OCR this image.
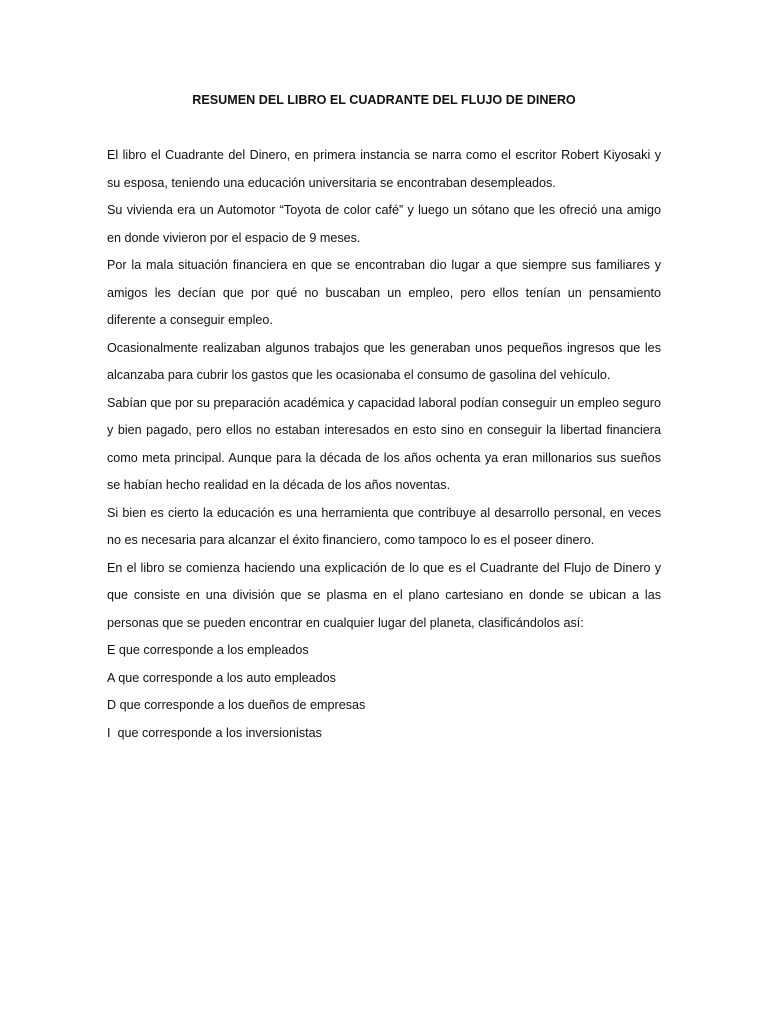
RESUMEN DEL LIBRO EL CUADRANTE DEL FLUJO DE DINERO

El libro el Cuadrante del Dinero, en primera instancia se narra como el escritor Robert Kiyosaki y su esposa, teniendo una educación universitaria se encontraban desempleados.

Su vivienda era un Automotor “Toyota de color café” y luego un sótano que les ofreció una amigo en donde vivieron por el espacio de 9 meses.

Por la mala situación financiera en que se encontraban dio lugar a que siempre sus familiares y amigos les decían que por qué no buscaban un empleo, pero ellos tenían un pensamiento diferente a conseguir empleo.

Ocasionalmente realizaban algunos trabajos que les generaban unos pequeños ingresos que les alcanzaba para cubrir los gastos que les ocasionaba el consumo de gasolina del vehículo.

Sabían que por su preparación académica y capacidad laboral podían conseguir un empleo seguro y bien pagado, pero ellos no estaban interesados en esto sino en conseguir la libertad financiera como meta principal. Aunque para la década de los años ochenta ya eran millonarios sus sueños se habían hecho realidad en la década de los años noventas.

Si bien es cierto la educación es una herramienta que contribuye al desarrollo personal, en veces no es necesaria para alcanzar el éxito financiero, como tampoco lo es el poseer dinero.

En el libro se comienza haciendo una explicación de lo que es el Cuadrante del Flujo de Dinero y que consiste en una división que se plasma en el plano cartesiano en donde se ubican a las personas que se pueden encontrar en cualquier lugar del planeta, clasificándolos así:

E que corresponde a los empleados

A que corresponde a los auto empleados

D que corresponde a los dueños de empresas

I  que corresponde a los inversionistas
